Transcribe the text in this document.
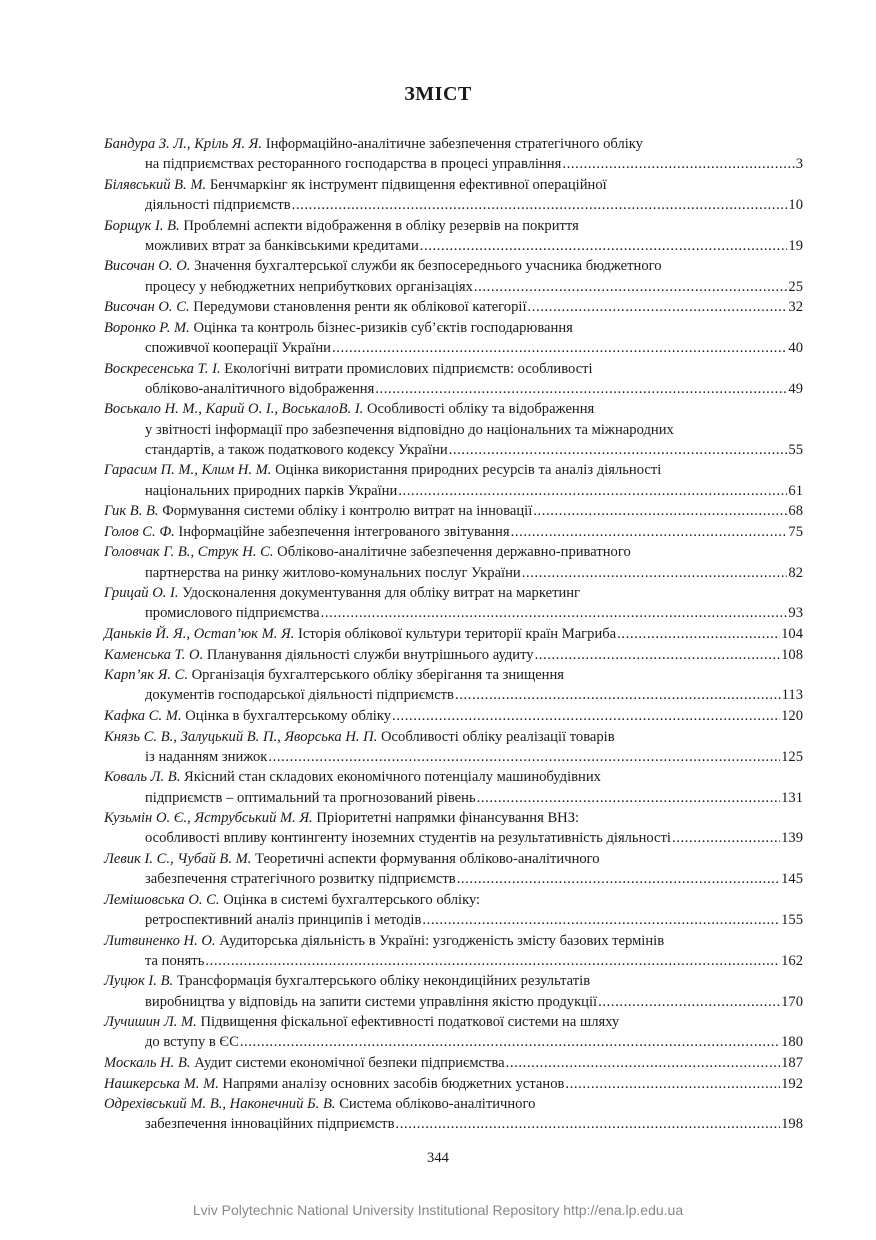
ЗМІСТ
Бандура З. Л., Кріль Я. Я.
Інформаційно-аналітичне забезпечення стратегічного обліку
на підприємствах ресторанного господарства в процесі управління .....	3
Білявський В. М.
Бенчмаркінг як інструмент підвищення ефективної операційної
діяльності підприємств .....	10
Борщук І. В.
Проблемні аспекти відображення в обліку резервів на покриття
можливих втрат за банківськими кредитами .....	19
Височан О. О.
Значення бухгалтерської служби як безпосереднього учасника бюджетного
процесу у небюджетних неприбуткових організаціях .....	25
Височан О. С.
Передумови становлення ренти як облікової категорії .....	32
Воронко Р. М.
Оцінка та контроль бізнес-ризиків суб’єктів господарювання
споживчої кооперації України .....	40
Воскресенська Т. І.
Екологічні витрати промислових підприємств: особливості
обліково-аналітичного відображення .....	49
Воськало Н. М., Карий О. І., ВоськалоВ. І.
Особливості обліку та відображення
у звітності інформації про забезпечення відповідно до національних та міжнародних
стандартів, а також податкового кодексу України .....	55
Гарасим П. М., Клим Н. М.
Оцінка використання природних ресурсів та аналіз діяльності
національних природних парків України .....	61
Гик В. В.
Формування системи обліку і контролю витрат на інновації .....	68
Голов С. Ф.
Інформаційне забезпечення інтегрованого звітування .....	75
Головчак Г. В., Струк Н. С.
Обліково-аналітичне забезпечення державно-приватного
партнерства на ринку житлово-комунальних послуг України .....	82
Грицай О. І.
Удосконалення документування для обліку витрат на маркетинг
промислового підприємства .....	93
Даньків Й. Я., Остап’юк М. Я.
Історія облікової культури території країн Магриба .....	104
Каменська Т. О.
Планування діяльності служби внутрішнього аудиту .....	108
Карп’як Я. С.
Організація бухгалтерського обліку зберігання та знищення
документів господарської діяльності підприємств .....	113
Кафка С. М.
Оцінка в бухгалтерському обліку .....	120
Князь С. В., Залуцький В. П., Яворська Н. П.
Особливості обліку реалізації товарів
із наданням знижок .....	125
Коваль Л. В.
Якісний стан складових економічного потенціалу машинобудівних
підприємств – оптимальний та прогнозований рівень .....	131
Кузьмін О. Є., Яструбський М. Я.
Пріоритетні напрямки фінансування ВНЗ:
особливості впливу контингенту іноземних студентів на результативність діяльності .....	139
Левик І. С., Чубай В. М.
Теоретичні аспекти формування обліково-аналітичного
забезпечення стратегічного розвитку підприємств .....	145
Лемішовська О. С.
Оцінка в системі бухгалтерського обліку:
ретроспективний аналіз принципів і методів .....	155
Литвиненко Н. О.
Аудиторська діяльність в Україні: узгодженість змісту базових термінів
та понять .....	162
Луцюк І. В.
Трансформація бухгалтерського обліку некондиційних результатів
виробництва у відповідь на запити системи управління якістю продукції .....	170
Лучишин Л. М.
Підвищення фіскальної ефективності податкової системи на шляху
до вступу в ЄС .....	180
Москаль Н. В.
Аудит системи економічної безпеки підприємства .....	187
Нашкерська М. М.
Напрями аналізу основних засобів бюджетних установ .....	192
Одрехівський М. В., Наконечний Б. В.
Система обліково-аналітичного
забезпечення інноваційних підприємств .....	198
344
Lviv Polytechnic National University Institutional Repository http://ena.lp.edu.ua
